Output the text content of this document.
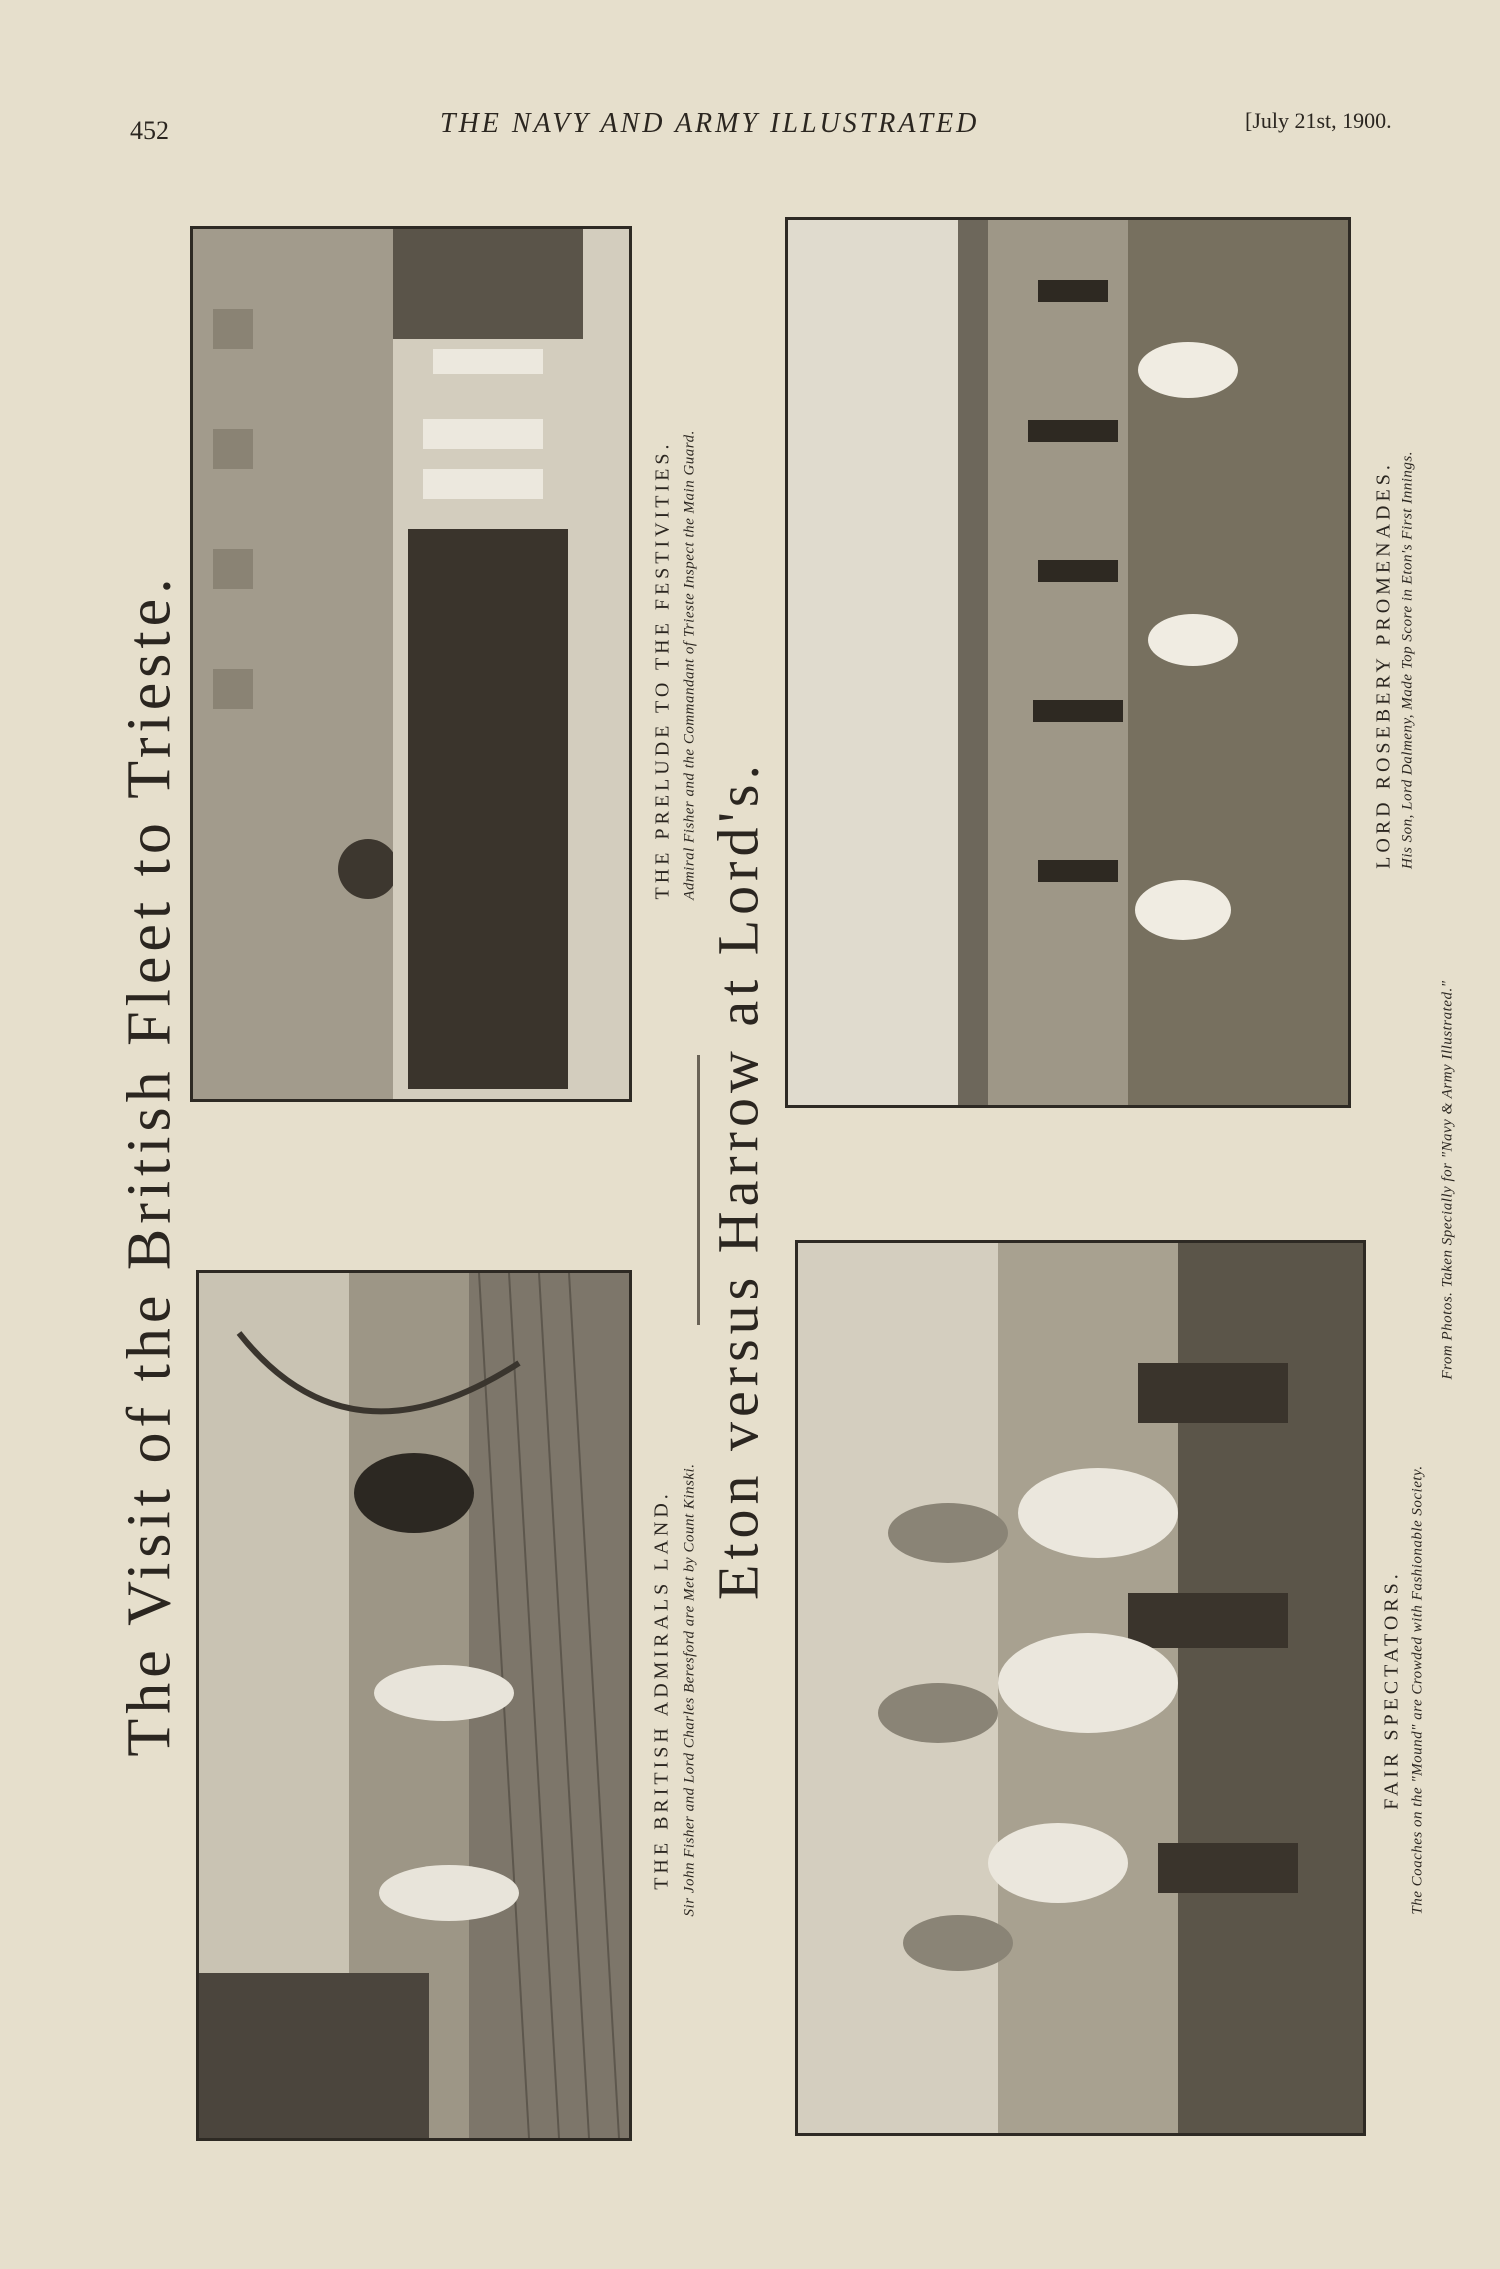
452	THE NAVY AND ARMY ILLUSTRATED	[July 21st, 1900.
The Visit of the British Fleet to Trieste.	Eton versus Harrow at Lord's.
THE BRITISH ADMIRALS LAND. Sir John Fisher and Lord Charles Beresford are Met by Count Kinski.
THE PRELUDE TO THE FESTIVITIES. Admiral Fisher and the Commandant of Trieste Inspect the Main Guard.
FAIR SPECTATORS. The Coaches on the "Mound" are Crowded with Fashionable Society.
LORD ROSEBERY PROMENADES. His Son, Lord Dalmeny, Made Top Score in Eton's First Innings.
From Photos. Taken Specially for "Navy & Army Illustrated."
